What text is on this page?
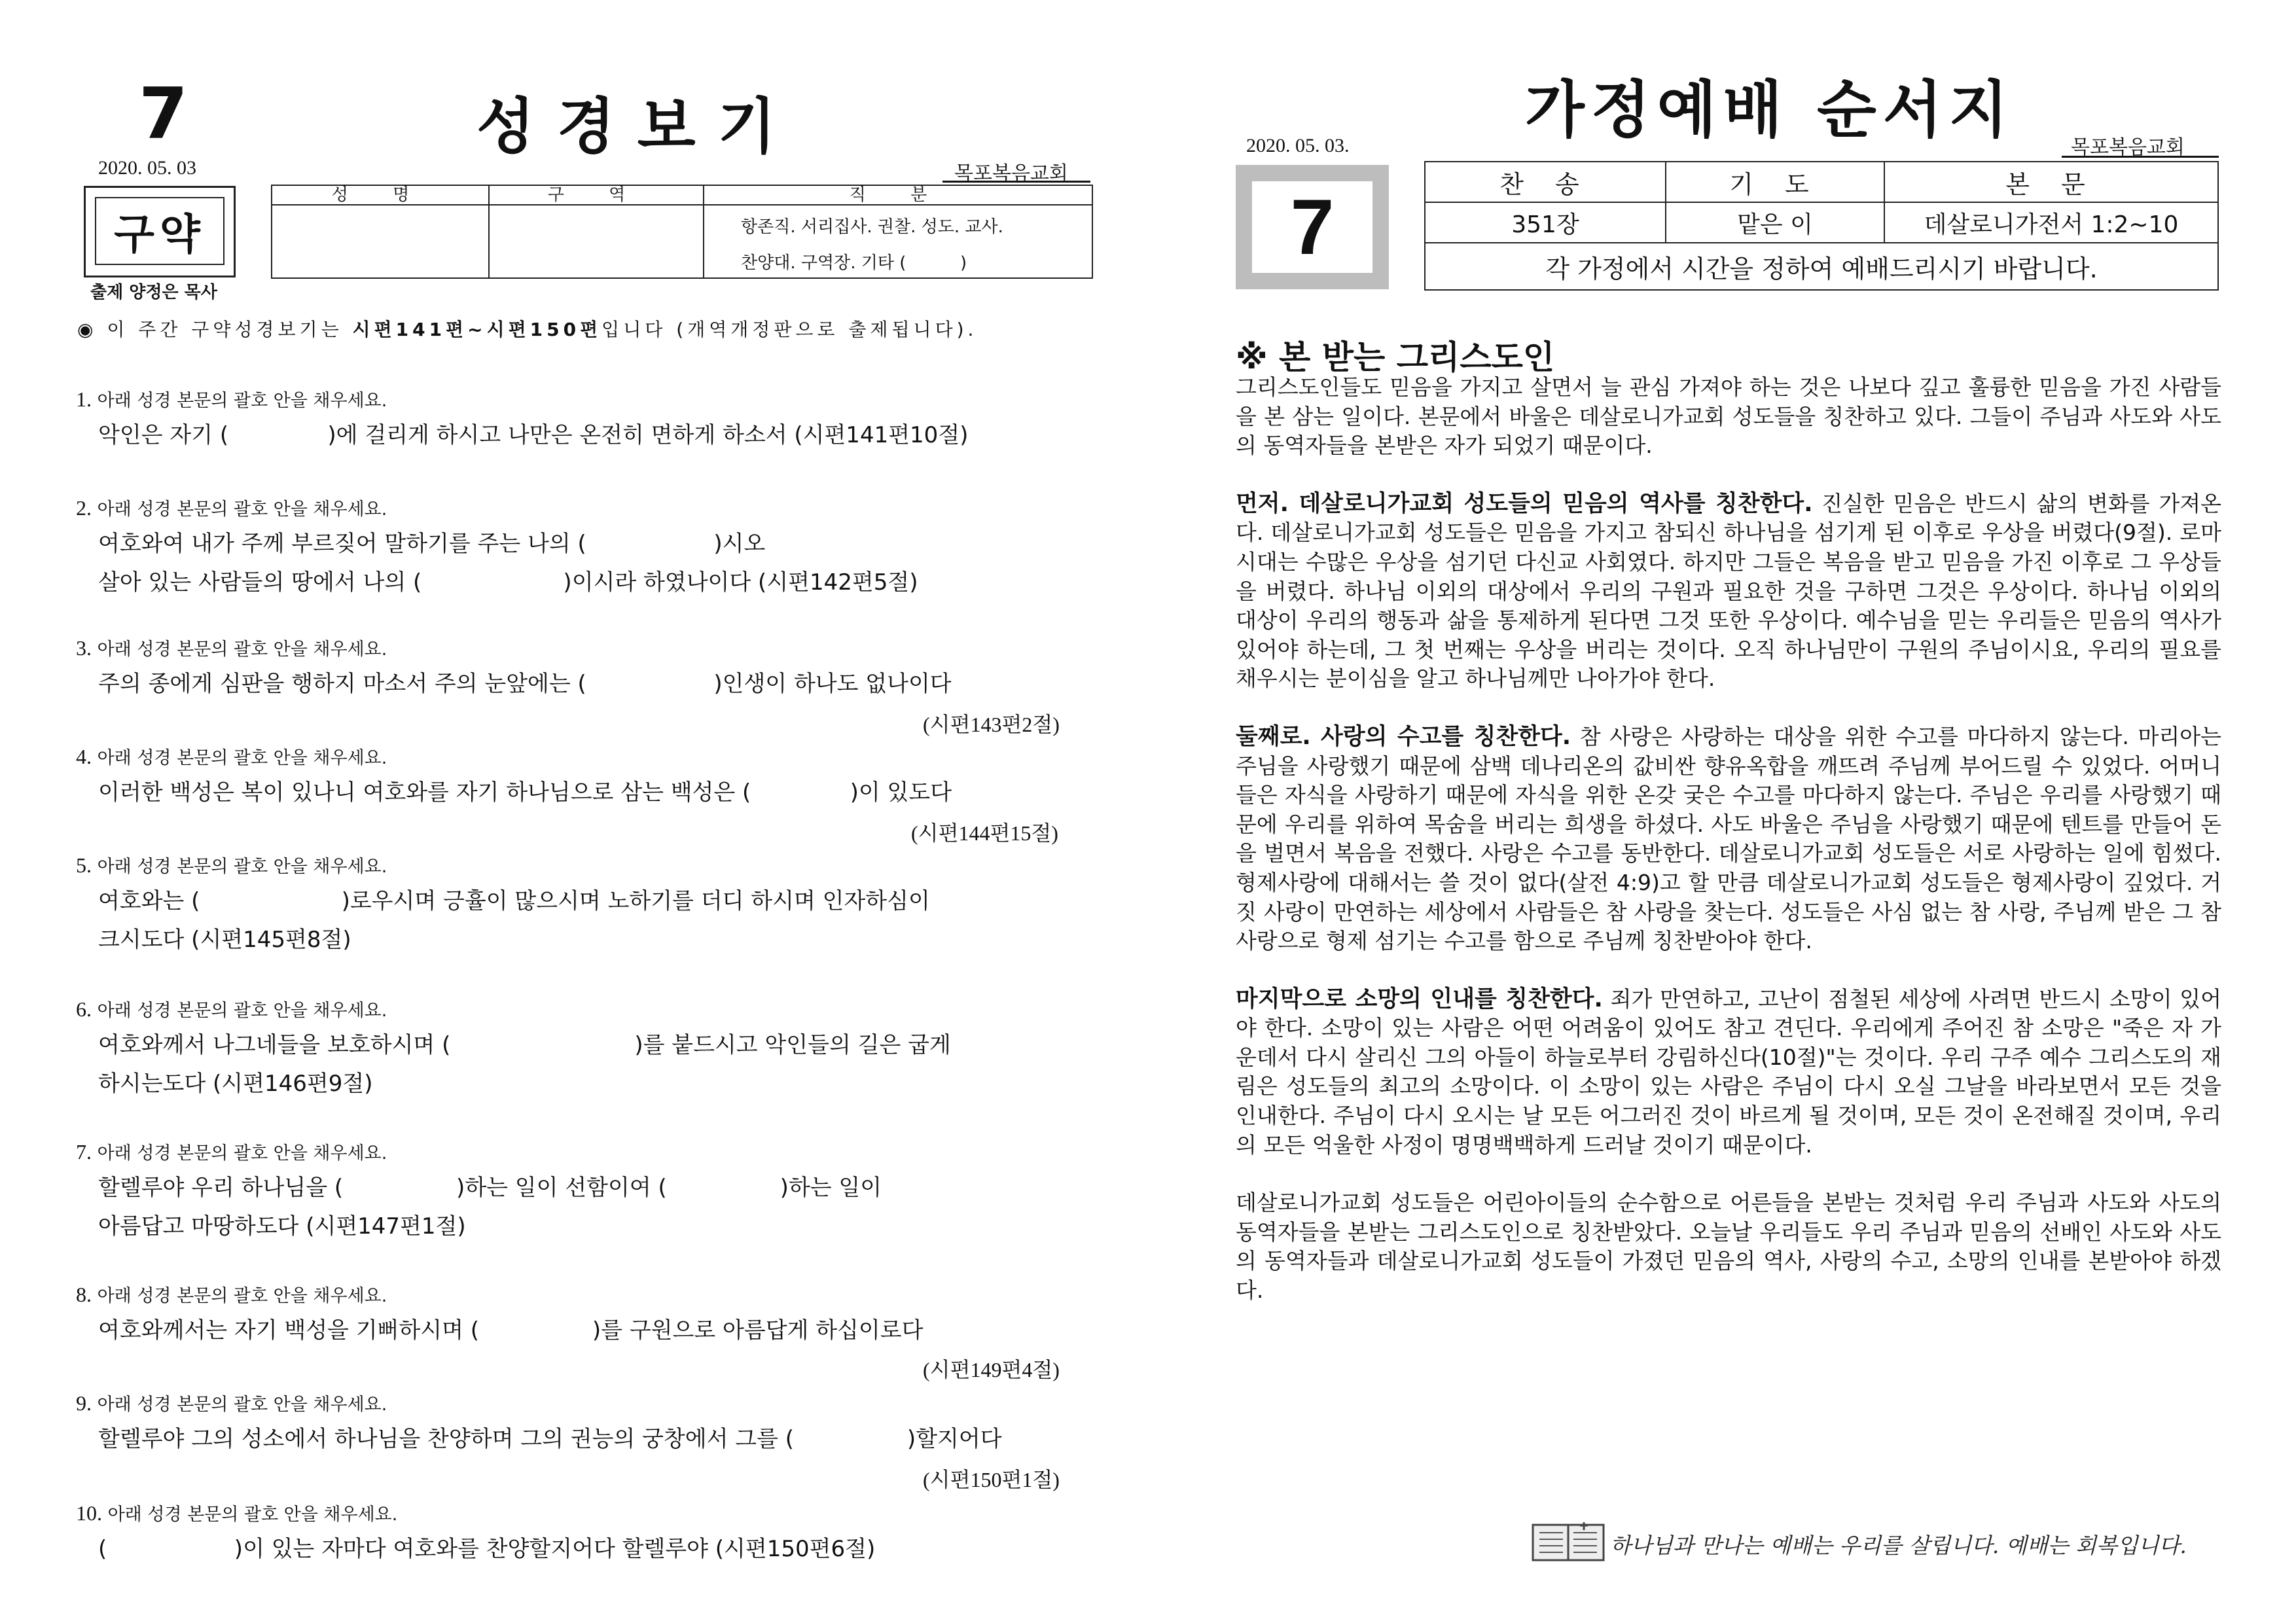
7	성경보기
2020. 05. 03	목포복음교회
구약
출제 양정은 목사
성 명	구 역	직 분
항존직. 서리집사. 권찰. 성도. 교사.
찬양대. 구역장. 기타 (          )
◉ 이 주간 구약성경보기는 시편141편~시편150편입니다 (개역개정판으로 출제됩니다).
1. 아래 성경 본문의 괄호 안을 채우세요.
악인은 자기 (              )에 걸리게 하시고 나만은 온전히 면하게 하소서 (시편141편10절)
2. 아래 성경 본문의 괄호 안을 채우세요.
여호와여 내가 주께 부르짖어 말하기를 주는 나의 (                  )시오
살아 있는 사람들의 땅에서 나의 (                    )이시라 하였나이다 (시편142편5절)
3. 아래 성경 본문의 괄호 안을 채우세요.
주의 종에게 심판을 행하지 마소서 주의 눈앞에는 (                  )인생이 하나도 없나이다
(시편143편2절)
4. 아래 성경 본문의 괄호 안을 채우세요.
이러한 백성은 복이 있나니 여호와를 자기 하나님으로 삼는 백성은 (              )이 있도다
(시편144편15절)
5. 아래 성경 본문의 괄호 안을 채우세요.
여호와는 (                    )로우시며 긍휼이 많으시며 노하기를 더디 하시며 인자하심이
크시도다 (시편145편8절)
6. 아래 성경 본문의 괄호 안을 채우세요.
여호와께서 나그네들을 보호하시며 (                          )를 붙드시고 악인들의 길은 굽게
하시는도다 (시편146편9절)
7. 아래 성경 본문의 괄호 안을 채우세요.
할렐루야 우리 하나님을 (                )하는 일이 선함이여 (                )하는 일이
아름답고 마땅하도다 (시편147편1절)
8. 아래 성경 본문의 괄호 안을 채우세요.
여호와께서는 자기 백성을 기뻐하시며 (                )를 구원으로 아름답게 하십이로다
(시편149편4절)
9. 아래 성경 본문의 괄호 안을 채우세요.
할렐루야 그의 성소에서 하나님을 찬양하며 그의 권능의 궁창에서 그를 (                )할지어다
(시편150편1절)
10. 아래 성경 본문의 괄호 안을 채우세요.
(                  )이 있는 자마다 여호와를 찬양할지어다 할렐루야 (시편150편6절)
가정예배 순서지
2020. 05. 03.	목포복음교회
7	찬 송	기 도	본 문
351장	맡은 이	데살로니가전서 1:2~10
각 가정에서 시간을 정하여 예배드리시기 바랍니다.		
※ 본 받는 그리스도인
그리스도인들도 믿음을 가지고 살면서 늘 관심 가져야 하는 것은 나보다 깊고 훌륭한 믿음을 가진 사람들을 본 삼는 일이다. 본문에서 바울은 데살로니가교회 성도들을 칭찬하고 있다. 그들이 주님과 사도와 사도의 동역자들을 본받은 자가 되었기 때문이다.
먼저. 데살로니가교회 성도들의 믿음의 역사를 칭찬한다. 진실한 믿음은 반드시 삶의 변화를 가져온다. 데살로니가교회 성도들은 믿음을 가지고 참되신 하나님을 섬기게 된 이후로 우상을 버렸다(9절). 로마시대는 수많은 우상을 섬기던 다신교 사회였다. 하지만 그들은 복음을 받고 믿음을 가진 이후로 그 우상들을 버렸다. 하나님 이외의 대상에서 우리의 구원과 필요한 것을 구하면 그것은 우상이다. 하나님 이외의 대상이 우리의 행동과 삶을 통제하게 된다면 그것 또한 우상이다. 예수님을 믿는 우리들은 믿음의 역사가 있어야 하는데, 그 첫 번째는 우상을 버리는 것이다. 오직 하나님만이 구원의 주님이시요, 우리의 필요를 채우시는 분이심을 알고 하나님께만 나아가야 한다.
둘째로. 사랑의 수고를 칭찬한다. 참 사랑은 사랑하는 대상을 위한 수고를 마다하지 않는다. 마리아는 주님을 사랑했기 때문에 삼백 데나리온의 값비싼 향유옥합을 깨뜨려 주님께 부어드릴 수 있었다. 어머니들은 자식을 사랑하기 때문에 자식을 위한 온갖 궂은 수고를 마다하지 않는다. 주님은 우리를 사랑했기 때문에 우리를 위하여 목숨을 버리는 희생을 하셨다. 사도 바울은 주님을 사랑했기 때문에 텐트를 만들어 돈을 벌면서 복음을 전했다. 사랑은 수고를 동반한다. 데살로니가교회 성도들은 서로 사랑하는 일에 힘썼다. 형제사랑에 대해서는 쓸 것이 없다(살전 4:9)고 할 만큼 데살로니가교회 성도들은 형제사랑이 깊었다. 거짓 사랑이 만연하는 세상에서 사람들은 참 사랑을 찾는다. 성도들은 사심 없는 참 사랑, 주님께 받은 그 참 사랑으로 형제 섬기는 수고를 함으로 주님께 칭찬받아야 한다.
마지막으로 소망의 인내를 칭찬한다. 죄가 만연하고, 고난이 점철된 세상에 사려면 반드시 소망이 있어야 한다. 소망이 있는 사람은 어떤 어려움이 있어도 참고 견딘다. 우리에게 주어진 참 소망은 "죽은 자 가운데서 다시 살리신 그의 아들이 하늘로부터 강림하신다(10절)"는 것이다. 우리 구주 예수 그리스도의 재림은 성도들의 최고의 소망이다. 이 소망이 있는 사람은 주님이 다시 오실 그날을 바라보면서 모든 것을 인내한다. 주님이 다시 오시는 날 모든 어그러진 것이 바르게 될 것이며, 모든 것이 온전해질 것이며, 우리의 모든 억울한 사정이 명명백백하게 드러날 것이기 때문이다.
데살로니가교회 성도들은 어린아이들의 순수함으로 어른들을 본받는 것처럼 우리 주님과 사도와 사도의 동역자들을 본받는 그리스도인으로 칭찬받았다. 오늘날 우리들도 우리 주님과 믿음의 선배인 사도와 사도의 동역자들과 데살로니가교회 성도들이 가졌던 믿음의 역사, 사랑의 수고, 소망의 인내를 본받아야 하겠다.
하나님과 만나는 예배는 우리를 살립니다. 예배는 회복입니다.
